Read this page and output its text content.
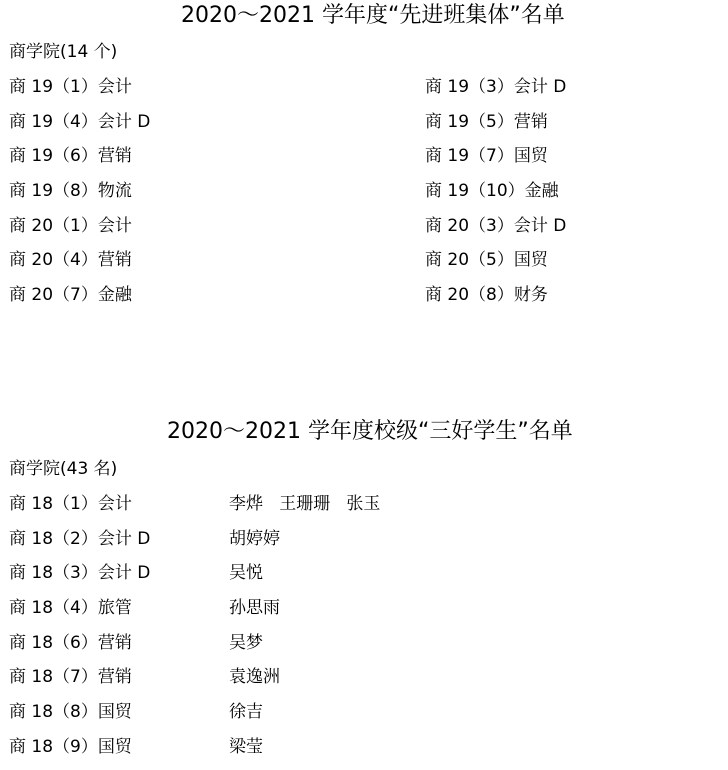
2020～2021 学年度“先进班集体”名单
商学院(14 个)
商 19（1）会计	商 19（3）会计 D
商 19（4）会计 D	商 19（5）营销
商 19（6）营销	商 19（7）国贸
商 19（8）物流	商 19（10）金融
商 20（1）会计	商 20（3）会计 D
商 20（4）营销	商 20（5）国贸
商 20（7）金融	商 20（8）财务
2020～2021 学年度校级“三好学生”名单
商学院(43 名)
商 18（1）会计	李烨   王珊珊   张玉
商 18（2）会计 D	胡婷婷
商 18（3）会计 D	吴悦
商 18（4）旅管	孙思雨
商 18（6）营销	吴梦
商 18（7）营销	袁逸洲
商 18（8）国贸	徐吉
商 18（9）国贸	梁莹
